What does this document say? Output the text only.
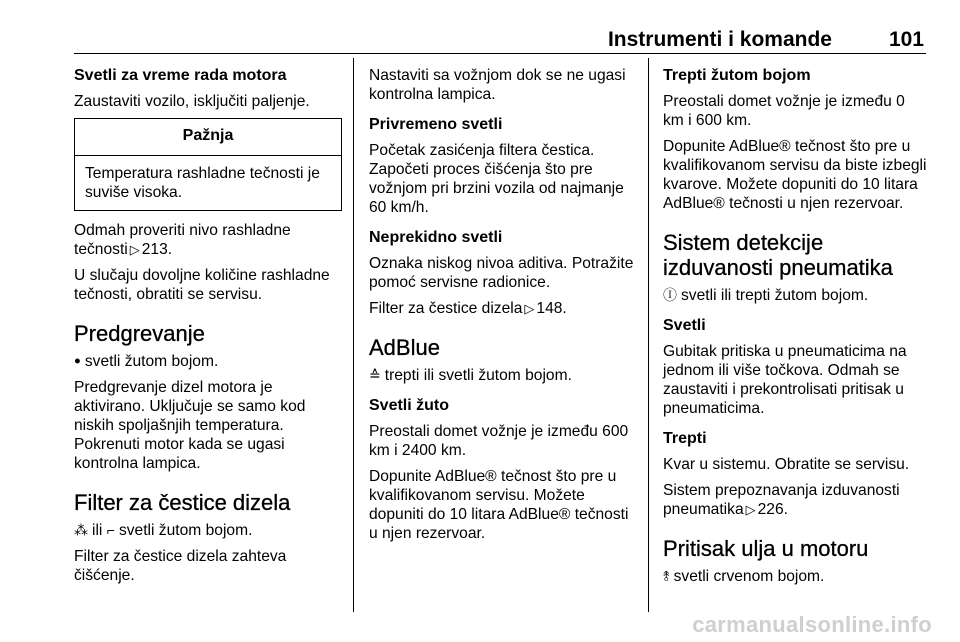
Instrumenti i komande	101
Svetli za vreme rada motora

Zaustaviti vozilo, isključiti paljenje.

Pažnja
Temperatura rashladne tečnosti je suviše visoka.

Odmah proveriti nivo rashladne tečnosti ▷ 213.

U slučaju dovoljne količine rashladne tečnosti, obratiti se servisu.

Predgrevanje

ꔷ svetli žutom bojom.

Predgrevanje dizel motora je aktivirano. Uključuje se samo kod niskih spoljašnjih temperatura. Pokrenuti motor kada se ugasi kontrolna lampica.

Filter za čestice dizela

⁂ ili ⌐ svetli žutom bojom.

Filter za čestice dizela zahteva čišćenje.

Nastaviti sa vožnjom dok se ne ugasi kontrolna lampica.

Privremeno svetli

Početak zasićenja filtera čestica. Započeti proces čišćenja što pre vožnjom pri brzini vozila od najmanje 60 km/h.

Neprekidno svetli

Oznaka niskog nivoa aditiva. Potražite pomoć servisne radionice.

Filter za čestice dizela ▷ 148.

AdBlue

≙ trepti ili svetli žutom bojom.

Svetli žuto

Preostali domet vožnje je između 600 km i 2400 km.

Dopunite AdBlue® tečnost što pre u kvalifikovanom servisu. Možete dopuniti do 10 litara AdBlue® tečnosti u njen rezervoar.

Trepti žutom bojom

Preostali domet vožnje je između 0 km i 600 km.

Dopunite AdBlue® tečnost što pre u kvalifikovanom servisu da biste izbegli kvarove. Možete dopuniti do 10 litara AdBlue® tečnosti u njen rezervoar.

Sistem detekcije izduvanosti pneumatika

Ⓘ svetli ili trepti žutom bojom.

Svetli

Gubitak pritiska u pneumaticima na jednom ili više točkova. Odmah se zaustaviti i prekontrolisati pritisak u pneumaticima.

Trepti

Kvar u sistemu. Obratite se servisu.

Sistem prepoznavanja izduvanosti pneumatika ▷ 226.

Pritisak ulja u motoru

⥉ svetli crvenom bojom.

carmanualsonline.info
